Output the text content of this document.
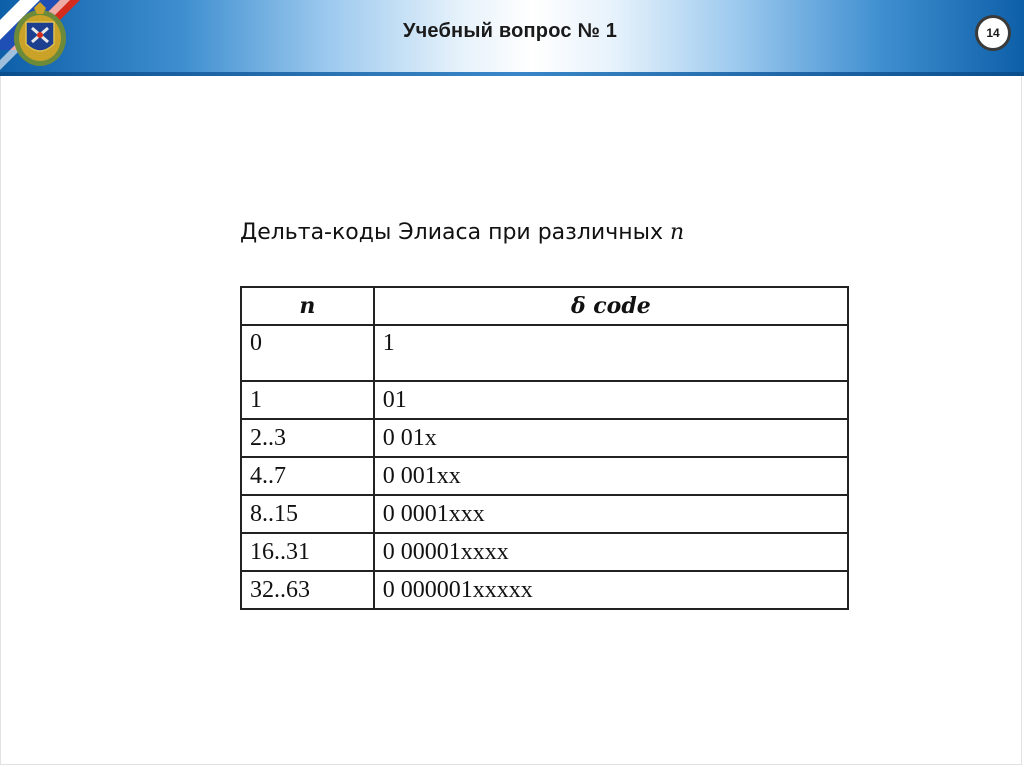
Учебный вопрос № 1	14
Дельта-коды Элиаса при различных n
n	δ code
0	1
1	01
2..3	0 01x
4..7	0 001xx
8..15	0 0001xxx
16..31	0 00001xxxx
32..63	0 000001xxxxx
